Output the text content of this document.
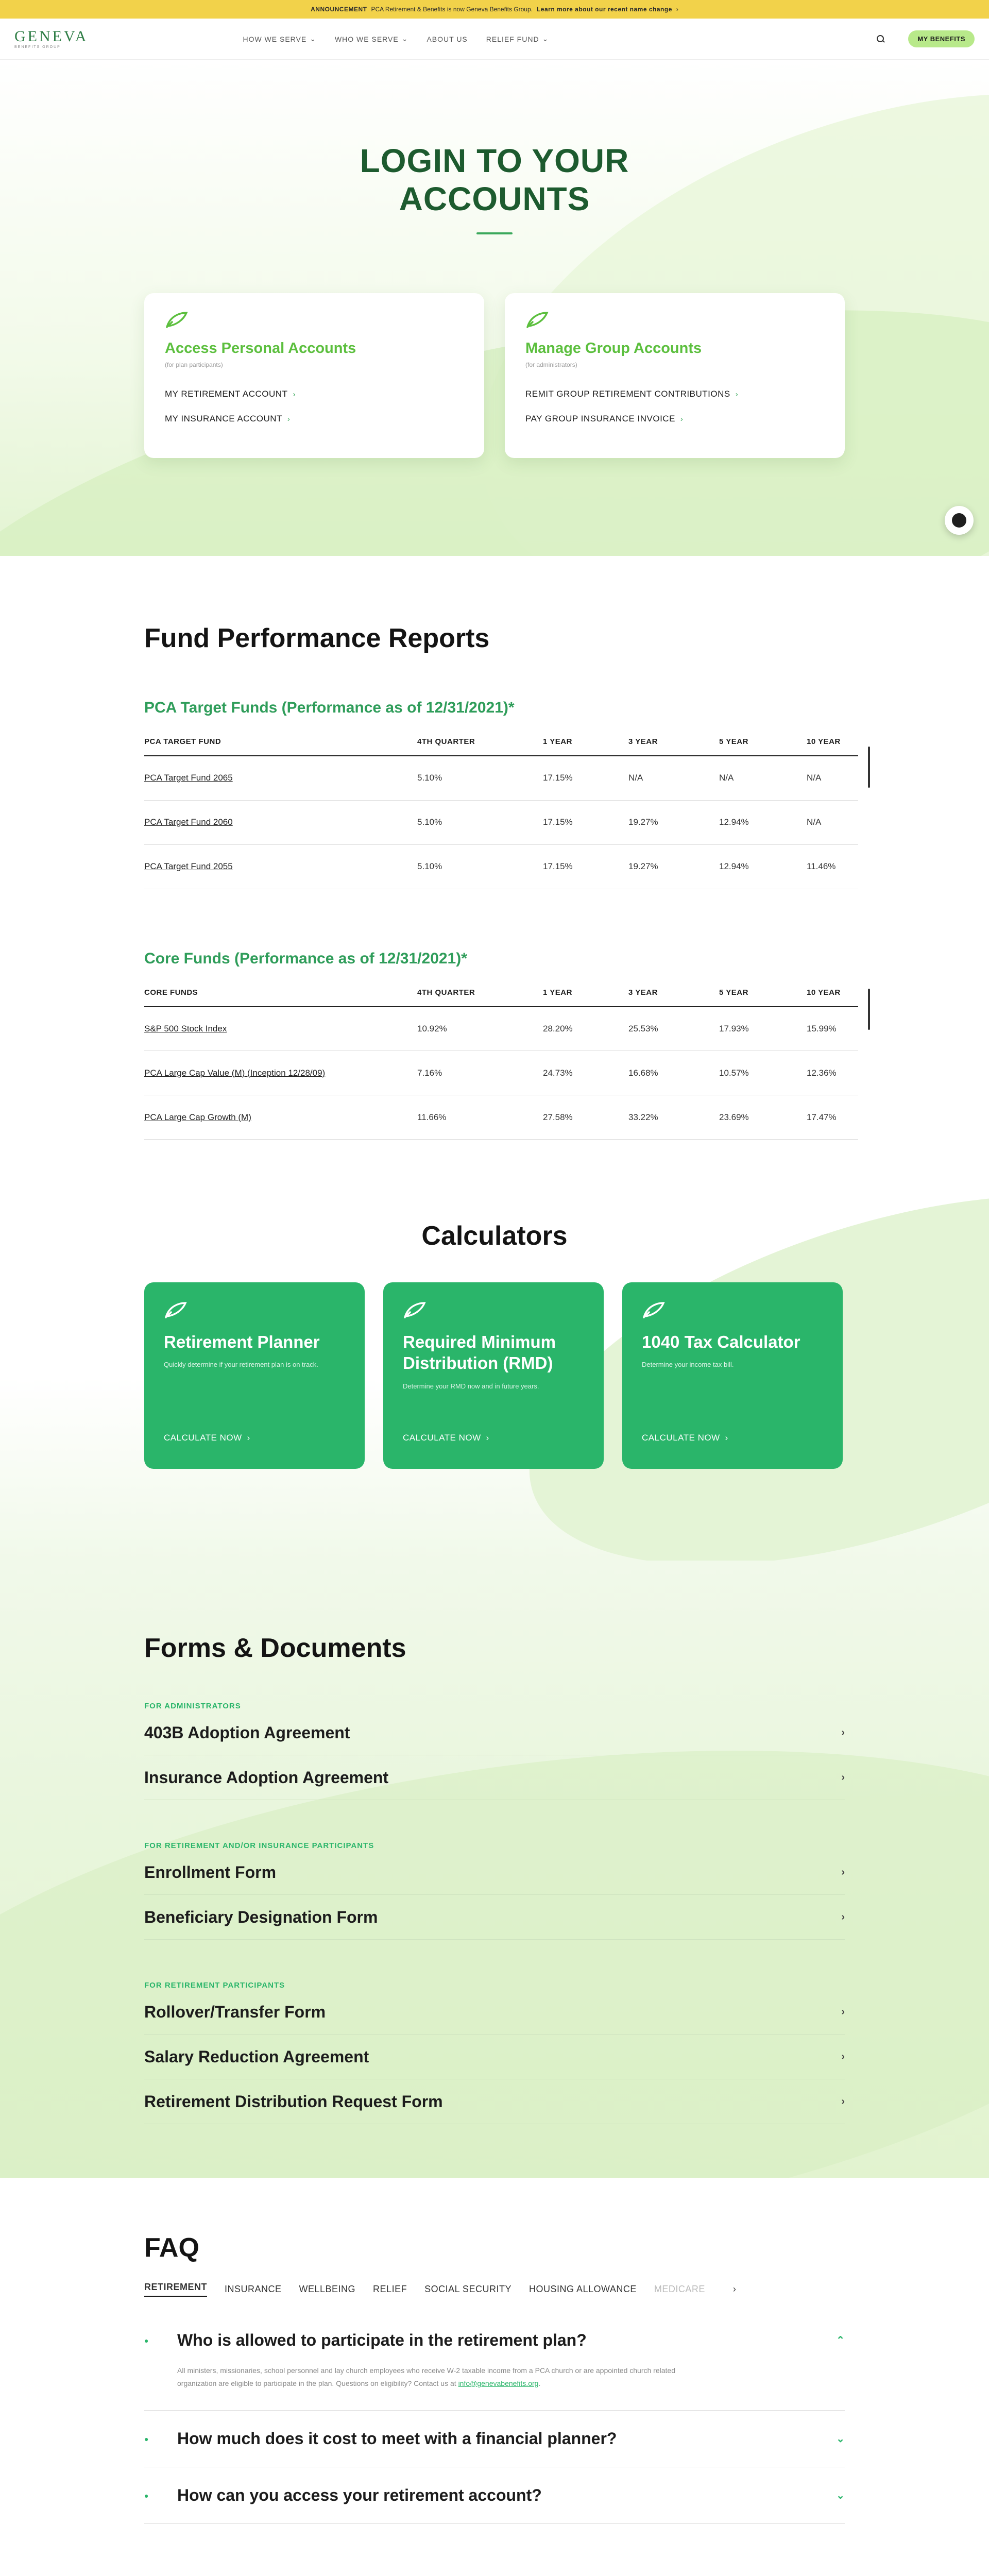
ANNOUNCEMENT PCA Retirement & Benefits is now Geneva Benefits Group. Learn more about our recent name change ›
GENEVA
BENEFITS GROUP
HOW WE SERVE ⌄	WHO WE SERVE ⌄	ABOUT US	RELIEF FUND ⌄	MY BENEFITS
LOGIN TO YOUR
ACCOUNTS
Access Personal Accounts
(for plan participants)
MY RETIREMENT ACCOUNT ›
MY INSURANCE ACCOUNT ›
Manage Group Accounts
(for administrators)
REMIT GROUP RETIREMENT CONTRIBUTIONS ›
PAY GROUP INSURANCE INVOICE ›
Fund Performance Reports
PCA Target Funds (Performance as of 12/31/2021)*
PCA TARGET FUND	4TH QUARTER	1 YEAR	3 YEAR	5 YEAR	10 YEAR
PCA Target Fund 2065	5.10%	17.15%	N/A	N/A	N/A
PCA Target Fund 2060	5.10%	17.15%	19.27%	12.94%	N/A
PCA Target Fund 2055	5.10%	17.15%	19.27%	12.94%	11.46%
Core Funds (Performance as of 12/31/2021)*
CORE FUNDS	4TH QUARTER	1 YEAR	3 YEAR	5 YEAR	10 YEAR
S&P 500 Stock Index	10.92%	28.20%	25.53%	17.93%	15.99%
PCA Large Cap Value (M) (Inception 12/28/09)	7.16%	24.73%	16.68%	10.57%	12.36%
PCA Large Cap Growth (M)	11.66%	27.58%	33.22%	23.69%	17.47%
Calculators
Retirement Planner

Quickly determine if your retirement plan is on track.

CALCULATE NOW ›
Required Minimum Distribution (RMD)

Determine your RMD now and in future years.

CALCULATE NOW ›
1040 Tax Calculator

Determine your income tax bill.

CALCULATE NOW ›
Forms & Documents
FOR ADMINISTRATORS
403B Adoption Agreement	›
Insurance Adoption Agreement	›
FOR RETIREMENT AND/OR INSURANCE PARTICIPANTS
Enrollment Form	›
Beneficiary Designation Form	›
FOR RETIREMENT PARTICIPANTS
Rollover/Transfer Form	›
Salary Reduction Agreement	›
Retirement Distribution Request Form	›
FAQ
RETIREMENT INSURANCE WELLBEING RELIEF SOCIAL SECURITY HOUSING ALLOWANCE MEDICARE	›
●	Who is allowed to participate in the retirement plan?	⌃
All ministers, missionaries, school personnel and lay church employees who receive W-2 taxable income from a PCA church or are appointed church related organization are eligible to participate in the plan. Questions on eligibility? Contact us at info@genevabenefits.org.
●	How much does it cost to meet with a financial planner?	⌄
●	How can you access your retirement account?	⌄
